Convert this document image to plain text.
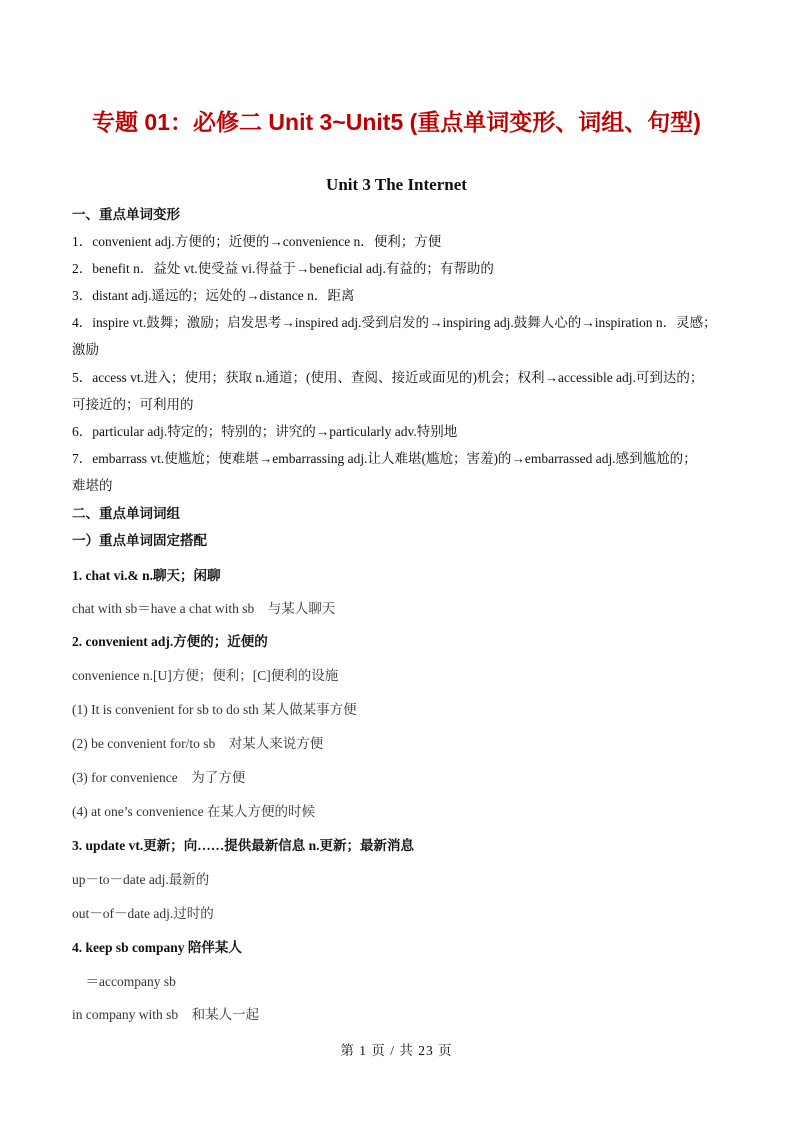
专题 01：必修二 Unit 3~Unit5 (重点单词变形、词组、句型)
Unit 3 The Internet
一、重点单词变形
1．convenient adj.方便的；近便的→convenience n．便利；方便
2．benefit n．益处 vt.使受益 vi.得益于→beneficial adj.有益的；有帮助的
3．distant adj.遥远的；远处的→distance n．距离
4．inspire vt.鼓舞；激励；启发思考→inspired adj.受到启发的→inspiring adj.鼓舞人心的→inspiration n．灵感；
激励
5．access vt.进入；使用；获取 n.通道；(使用、查阅、接近或面见的)机会；权利→accessible adj.可到达的；
可接近的；可利用的
6．particular adj.特定的；特别的；讲究的→particularly adv.特别地
7．embarrass vt.使尴尬；使难堪→embarrassing adj.让人难堪(尴尬；害羞)的→embarrassed adj.感到尴尬的；
难堪的
二、重点单词词组
一）重点单词固定搭配
1. chat vi.& n.聊天；闲聊
chat with sb＝have a chat with sb　与某人聊天
2. convenient adj.方便的；近便的
convenience n.[U]方便；便利；[C]便利的设施
(1) It is convenient for sb to do sth 某人做某事方便
(2) be convenient for/to sb　对某人来说方便
(3) for convenience　为了方便
(4) at one’s convenience 在某人方便的时候
3. update vt.更新；向……提供最新信息 n.更新；最新消息
up－to－date adj.最新的
out－of－date adj.过时的
4. keep sb company 陪伴某人
　＝accompany sb
in company with sb　和某人一起
第 1 页 / 共 23 页
